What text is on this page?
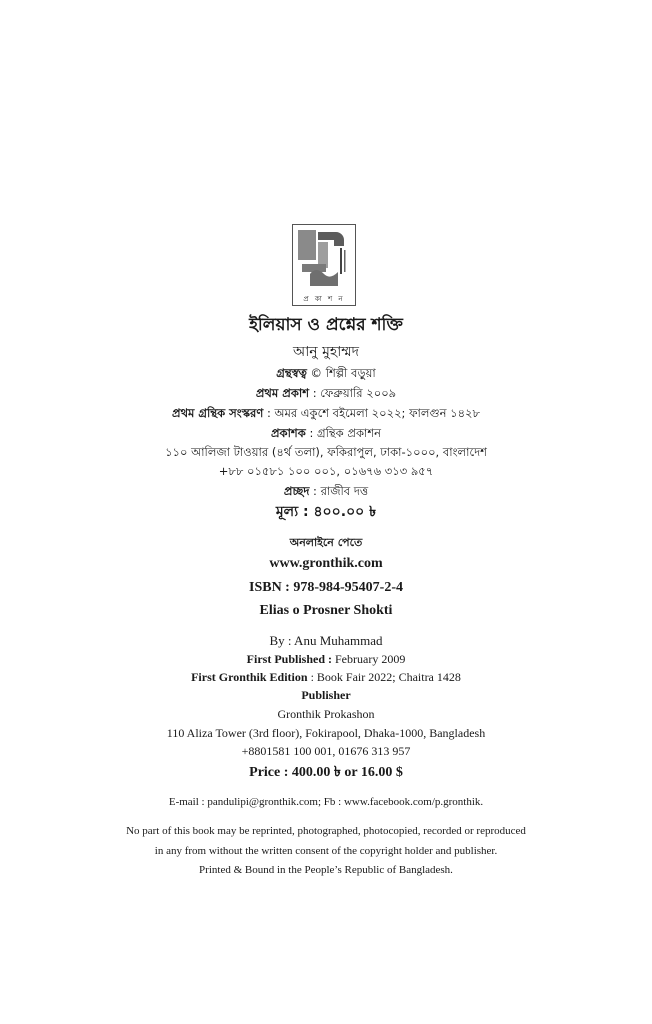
প্র কা শ ন
ইলিয়াস ও প্রশ্নের শক্তি
আনু মুহাম্মদ
গ্রন্থস্বত্ব © শিল্পী বড়ুয়া
প্রথম প্রকাশ : ফেব্রুয়ারি ২০০৯
প্রথম গ্রন্থিক সংস্করণ : অমর একুশে বইমেলা ২০২২; ফালগুন ১৪২৮
প্রকাশক : গ্রন্থিক প্রকাশন
১১০ আলিজা টাওয়ার (৪র্থ তলা), ফকিরাপুল, ঢাকা-১০০০, বাংলাদেশ
+৮৮ ০১৫৮১ ১০০ ০০১, ০১৬৭৬ ৩১৩ ৯৫৭
প্রচ্ছদ : রাজীব দত্ত
মূল্য : ৪০০.০০ ৳
অনলাইনে পেতে
www.gronthik.com
ISBN : 978-984-95407-2-4
Elias o Prosner Shokti
By : Anu Muhammad
First Published : February 2009
First Gronthik Edition : Book Fair 2022; Chaitra 1428
Publisher
Gronthik Prokashon
110 Aliza Tower (3rd floor), Fokirapool, Dhaka-1000, Bangladesh
+8801581 100 001, 01676 313 957
Price : 400.00 ৳ or 16.00 $
E-mail : pandulipi@gronthik.com; Fb : www.facebook.com/p.gronthik.
No part of this book may be reprinted, photographed, photocopied, recorded or reproduced
in any from without the written consent of the copyright holder and publisher.
Printed & Bound in the People’s Republic of Bangladesh.
